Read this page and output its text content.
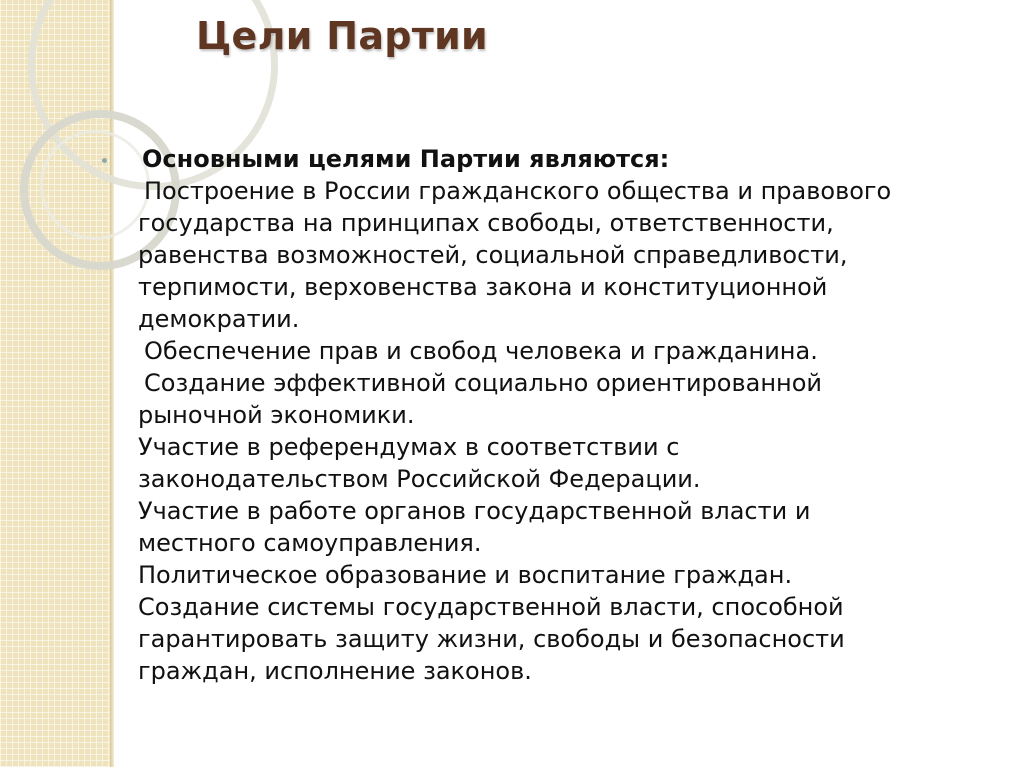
Цели Партии
Основными целями Партии являются:
Построение в России гражданского общества и правового
государства на принципах свободы, ответственности,
равенства возможностей, социальной справедливости,
терпимости, верховенства закона и конституционной
демократии.
Обеспечение прав и свобод человека и гражданина.
Создание эффективной социально ориентированной
рыночной экономики.
Участие в референдумах в соответствии с
законодательством Российской Федерации.
Участие в работе органов государственной власти и
местного самоуправления.
Политическое образование и воспитание граждан.
Создание системы государственной власти, способной
гарантировать защиту жизни, свободы и безопасности
граждан, исполнение законов.
